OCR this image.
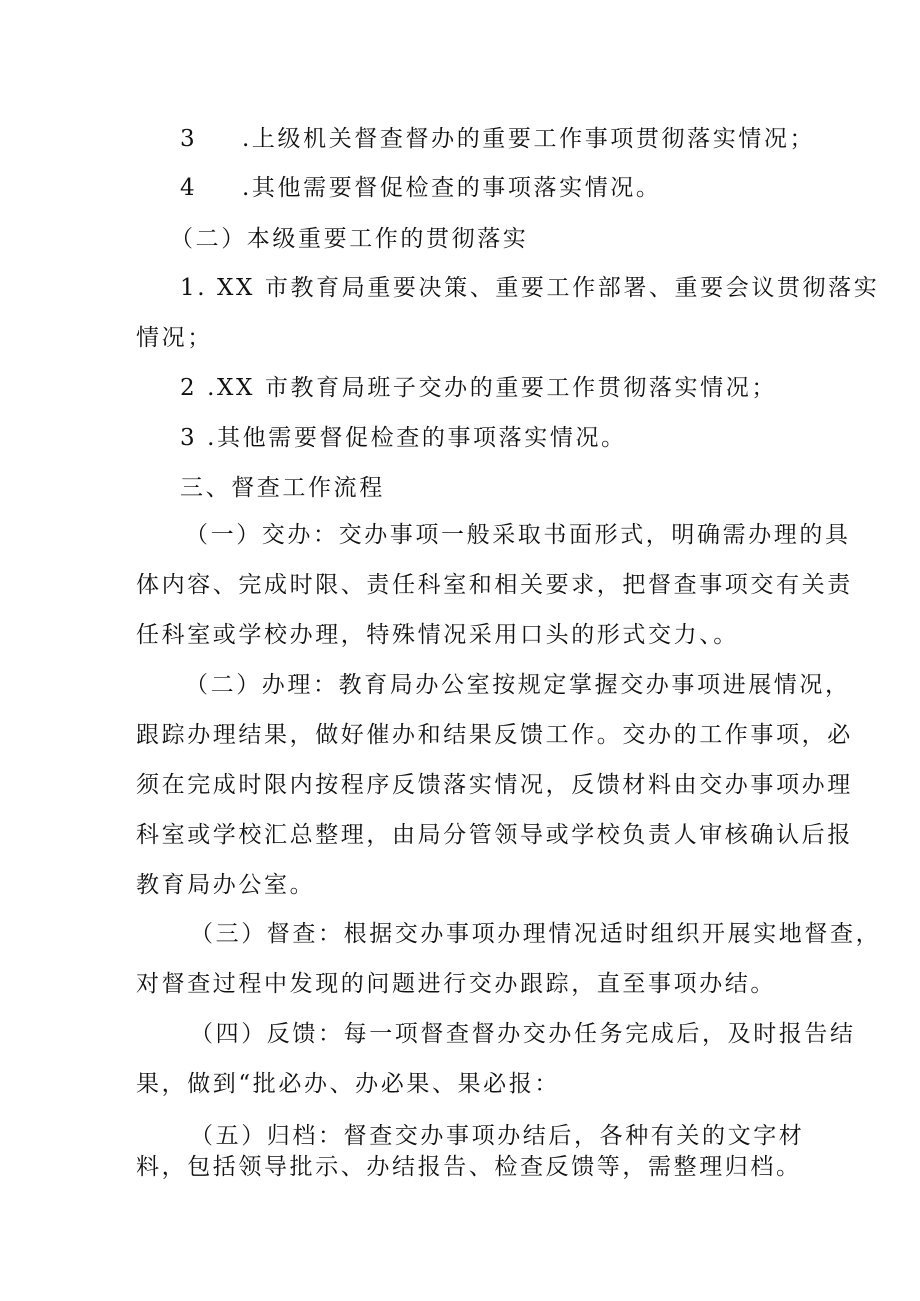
3 .上级机关督查督办的重要工作事项贯彻落实情况；
4 .其他需要督促检查的事项落实情况。
（二）本级重要工作的贯彻落实
1. XX 市教育局重要决策、重要工作部署、重要会议贯彻落实
情况；
2 .XX 市教育局班子交办的重要工作贯彻落实情况；
3 .其他需要督促检查的事项落实情况。
三、督查工作流程
（一）交办：交办事项一般采取书面形式，明确需办理的具
体内容、完成时限、责任科室和相关要求，把督查事项交有关责
任科室或学校办理，特殊情况采用口头的形式交力、。
（二）办理：教育局办公室按规定掌握交办事项进展情况，
跟踪办理结果，做好催办和结果反馈工作。交办的工作事项，必
须在完成时限内按程序反馈落实情况，反馈材料由交办事项办理
科室或学校汇总整理，由局分管领导或学校负责人审核确认后报
教育局办公室。
（三）督查：根据交办事项办理情况适时组织开展实地督查，
对督查过程中发现的问题进行交办跟踪，直至事项办结。
（四）反馈：每一项督查督办交办任务完成后，及时报告结
果，做到“批必办、办必果、果必报：
（五）归档：督查交办事项办结后，各种有关的文字材
料，包括领导批示、办结报告、检查反馈等，需整理归档。
